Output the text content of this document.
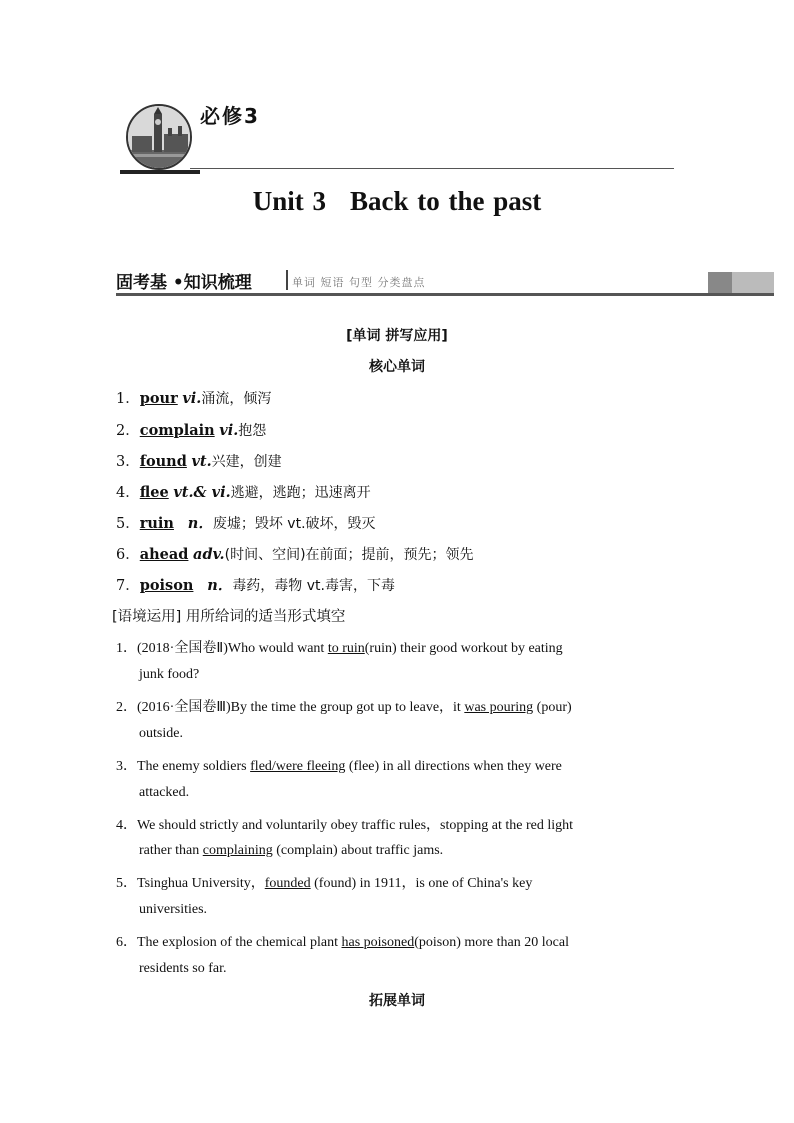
必修3
Unit 3 Back to the past
固考基 •知识梳理	单词 短语 句型 分类盘点
[单词 拼写应用]
核心单词
1．pour vi.涌流，倾泻
2．complain vi.抱怨
3．found vt.兴建，创建
4．flee vt.& vi.逃避，逃跑；迅速离开
5．ruin n．废墟；毁坏 vt.破坏，毁灭
6．ahead adv.(时间、空间)在前面；提前，预先；领先
7．poison n．毒药，毒物 vt.毒害，下毒
[语境运用] 用所给词的适当形式填空
1．(2018·全国卷Ⅱ)Who would want to ruin(ruin) their good workout by eating
junk food?
2．(2016·全国卷Ⅲ)By the time the group got up to leave，it was pouring (pour)
outside.
3．The enemy soldiers fled/were fleeing (flee) in all directions when they were
attacked.
4．We should strictly and voluntarily obey traffic rules，stopping at the red light
rather than complaining (complain) about traffic jams.
5．Tsinghua University，founded (found) in 1911，is one of China's key
universities.
6．The explosion of the chemical plant has poisoned(poison) more than 20 local
residents so far.
拓展单词
